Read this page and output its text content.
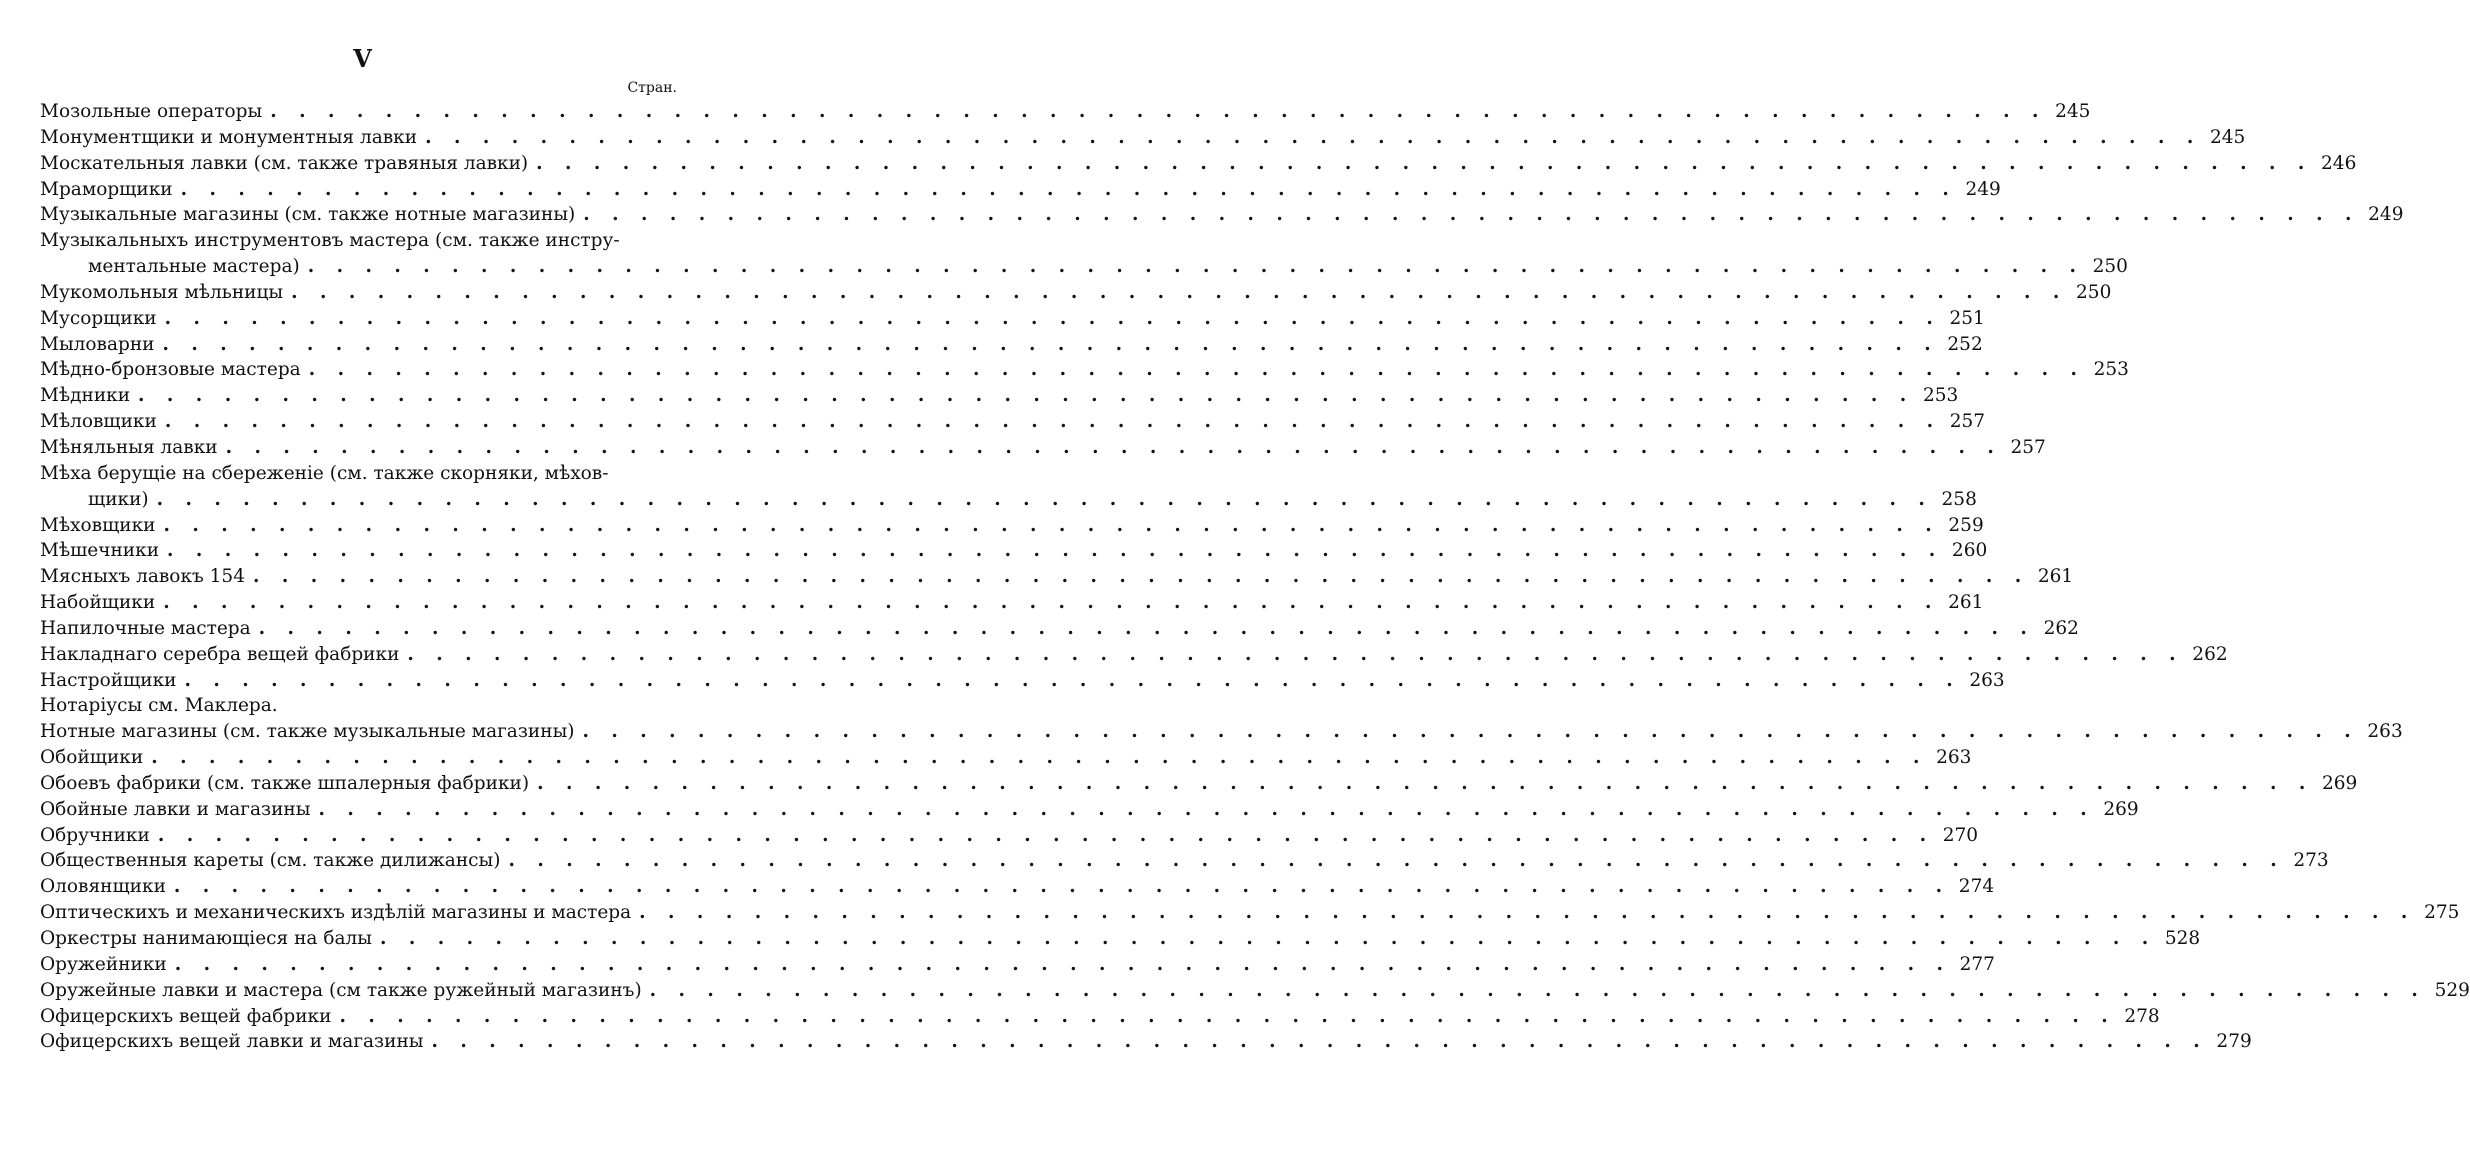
V
Стран.
Мозольные операторы . . . . . . . . . . . . . . . . . . . . . . . . . . . . . . . . . . . . . . . . . . . . . . . . . . . . . . . . . . . . . . 245
Монументщики и монументныя лавки . . . . . . . . . . . . . . . . . . . . . . . . . . . . . . . . . . . . . . . . . . . . . . . . . . . . . . . . . . . . . . 245
Москательныя лавки (см. также травяныя лавки) . . . . . . . . . . . . . . . . . . . . . . . . . . . . . . . . . . . . . . . . . . . . . . . . . . . . . . . . . . . . . . 246
Мраморщики . . . . . . . . . . . . . . . . . . . . . . . . . . . . . . . . . . . . . . . . . . . . . . . . . . . . . . . . . . . . . . 249
Музыкальные магазины (см. также нотные магазины) . . . . . . . . . . . . . . . . . . . . . . . . . . . . . . . . . . . . . . . . . . . . . . . . . . . . . . . . . . . . . . 249
Музыкальныхъ инструментовъ мастера (см. также инстру-
ментальные мастера) . . . . . . . . . . . . . . . . . . . . . . . . . . . . . . . . . . . . . . . . . . . . . . . . . . . . . . . . . . . . . . 250
Мукомольныя мѣльницы . . . . . . . . . . . . . . . . . . . . . . . . . . . . . . . . . . . . . . . . . . . . . . . . . . . . . . . . . . . . . . 250
Мусорщики . . . . . . . . . . . . . . . . . . . . . . . . . . . . . . . . . . . . . . . . . . . . . . . . . . . . . . . . . . . . . . 251
Мыловарни . . . . . . . . . . . . . . . . . . . . . . . . . . . . . . . . . . . . . . . . . . . . . . . . . . . . . . . . . . . . . . 252
Мѣдно-бронзовые мастера . . . . . . . . . . . . . . . . . . . . . . . . . . . . . . . . . . . . . . . . . . . . . . . . . . . . . . . . . . . . . . 253
Мѣдники . . . . . . . . . . . . . . . . . . . . . . . . . . . . . . . . . . . . . . . . . . . . . . . . . . . . . . . . . . . . . . 253
Мѣловщики . . . . . . . . . . . . . . . . . . . . . . . . . . . . . . . . . . . . . . . . . . . . . . . . . . . . . . . . . . . . . . 257
Мѣняльныя лавки . . . . . . . . . . . . . . . . . . . . . . . . . . . . . . . . . . . . . . . . . . . . . . . . . . . . . . . . . . . . . . 257
Мѣха берущіе на сбереженіе (см. также скорняки, мѣхов-
щики) . . . . . . . . . . . . . . . . . . . . . . . . . . . . . . . . . . . . . . . . . . . . . . . . . . . . . . . . . . . . . . 258
Мѣховщики . . . . . . . . . . . . . . . . . . . . . . . . . . . . . . . . . . . . . . . . . . . . . . . . . . . . . . . . . . . . . . 259
Мѣшечники . . . . . . . . . . . . . . . . . . . . . . . . . . . . . . . . . . . . . . . . . . . . . . . . . . . . . . . . . . . . . . 260
Мясныхъ лавокъ 154 . . . . . . . . . . . . . . . . . . . . . . . . . . . . . . . . . . . . . . . . . . . . . . . . . . . . . . . . . . . . . . 261
Набойщики . . . . . . . . . . . . . . . . . . . . . . . . . . . . . . . . . . . . . . . . . . . . . . . . . . . . . . . . . . . . . . 261
Напилочные мастера . . . . . . . . . . . . . . . . . . . . . . . . . . . . . . . . . . . . . . . . . . . . . . . . . . . . . . . . . . . . . . 262
Накладнаго серебра вещей фабрики . . . . . . . . . . . . . . . . . . . . . . . . . . . . . . . . . . . . . . . . . . . . . . . . . . . . . . . . . . . . . . 262
Настройщики . . . . . . . . . . . . . . . . . . . . . . . . . . . . . . . . . . . . . . . . . . . . . . . . . . . . . . . . . . . . . . 263
Нотаріусы см. Маклера.
Нотные магазины (см. также музыкальные магазины) . . . . . . . . . . . . . . . . . . . . . . . . . . . . . . . . . . . . . . . . . . . . . . . . . . . . . . . . . . . . . . 263
Обойщики . . . . . . . . . . . . . . . . . . . . . . . . . . . . . . . . . . . . . . . . . . . . . . . . . . . . . . . . . . . . . . 263
Обоевъ фабрики (см. также шпалерныя фабрики) . . . . . . . . . . . . . . . . . . . . . . . . . . . . . . . . . . . . . . . . . . . . . . . . . . . . . . . . . . . . . . 269
Обойные лавки и магазины . . . . . . . . . . . . . . . . . . . . . . . . . . . . . . . . . . . . . . . . . . . . . . . . . . . . . . . . . . . . . . 269
Обручники . . . . . . . . . . . . . . . . . . . . . . . . . . . . . . . . . . . . . . . . . . . . . . . . . . . . . . . . . . . . . . 270
Общественныя кареты (см. также дилижансы) . . . . . . . . . . . . . . . . . . . . . . . . . . . . . . . . . . . . . . . . . . . . . . . . . . . . . . . . . . . . . . 273
Оловянщики . . . . . . . . . . . . . . . . . . . . . . . . . . . . . . . . . . . . . . . . . . . . . . . . . . . . . . . . . . . . . . 274
Оптическихъ и механическихъ издѣлій магазины и мастера . . . . . . . . . . . . . . . . . . . . . . . . . . . . . . . . . . . . . . . . . . . . . . . . . . . . . . . . . . . . . . 275
Оркестры нанимающіеся на балы . . . . . . . . . . . . . . . . . . . . . . . . . . . . . . . . . . . . . . . . . . . . . . . . . . . . . . . . . . . . . . 528
Оружейники . . . . . . . . . . . . . . . . . . . . . . . . . . . . . . . . . . . . . . . . . . . . . . . . . . . . . . . . . . . . . . 277
Оружейные лавки и мастера (см также ружейный магазинъ) . . . . . . . . . . . . . . . . . . . . . . . . . . . . . . . . . . . . . . . . . . . . . . . . . . . . . . . . . . . . . . 529
Офицерскихъ вещей фабрики . . . . . . . . . . . . . . . . . . . . . . . . . . . . . . . . . . . . . . . . . . . . . . . . . . . . . . . . . . . . . . 278
Офицерскихъ вещей лавки и магазины . . . . . . . . . . . . . . . . . . . . . . . . . . . . . . . . . . . . . . . . . . . . . . . . . . . . . . . . . . . . . . 279
